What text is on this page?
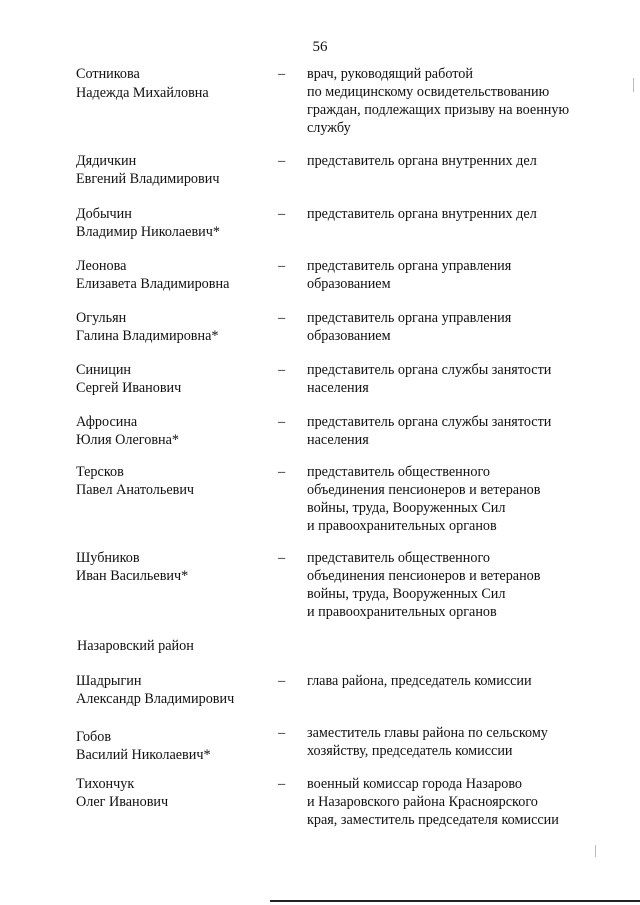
56
Сотникова
Надежда Михайловна
– врач, руководящий работой
по медицинскому освидетельствованию
граждан, подлежащих призыву на военную
службу
Дядичкин
Евгений Владимирович
– представитель органа внутренних дел
Добычин
Владимир Николаевич*
– представитель органа внутренних дел
Леонова
Елизавета Владимировна
– представитель органа управления
образованием
Огульян
Галина Владимировна*
– представитель органа управления
образованием
Синицин
Сергей Иванович
– представитель органа службы занятости
населения
Афросина
Юлия Олеговна*
– представитель органа службы занятости
населения
Терсков
Павел Анатольевич
– представитель общественного
объединения пенсионеров и ветеранов
войны, труда, Вооруженных Сил
и правоохранительных органов
Шубников
Иван Васильевич*
– представитель общественного
объединения пенсионеров и ветеранов
войны, труда, Вооруженных Сил
и правоохранительных органов
Назаровский район
Шадрыгин
Александр Владимирович
– глава района, председатель комиссии
Гобов
Василий Николаевич*
– заместитель главы района по сельскому
хозяйству, председатель комиссии
Тихончук
Олег Иванович
– военный комиссар города Назарово
и Назаровского района Красноярского
края, заместитель председателя комиссии
